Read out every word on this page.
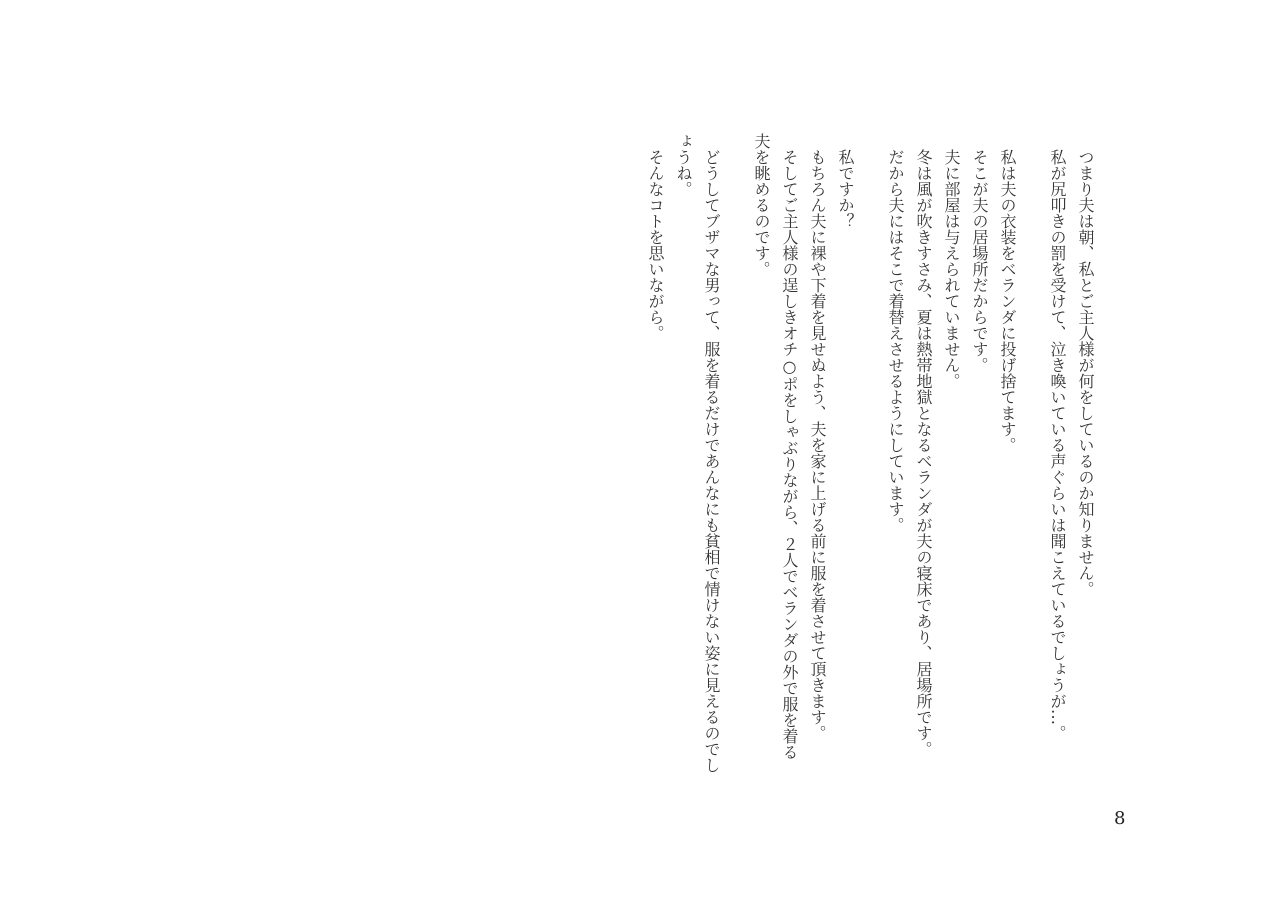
つまり夫は朝、私とご主人様が何をしているのか知りません。

私が尻叩きの罰を受けて、泣き喚いている声ぐらいは聞こえているでしょうが…。

私は夫の衣装をベランダに投げ捨てます。

そこが夫の居場所だからです。

夫に部屋は与えられていません。

冬は風が吹きすさみ、夏は熱帯地獄となるベランダが夫の寝床であり、居場所です。

だから夫にはそこで着替えさせるようにしています。

私ですか？

もちろん夫に裸や下着を見せぬよう、夫を家に上げる前に服を着させて頂きます。

そしてご主人様の逞しきオチ○ポをしゃぶりながら、２人でベランダの外で服を着る夫を眺めるのです。

どうしてブザマな男って、服を着るだけであんなにも貧相で情けない姿に見えるのでしょうね。

そんなコトを思いながら。

8
